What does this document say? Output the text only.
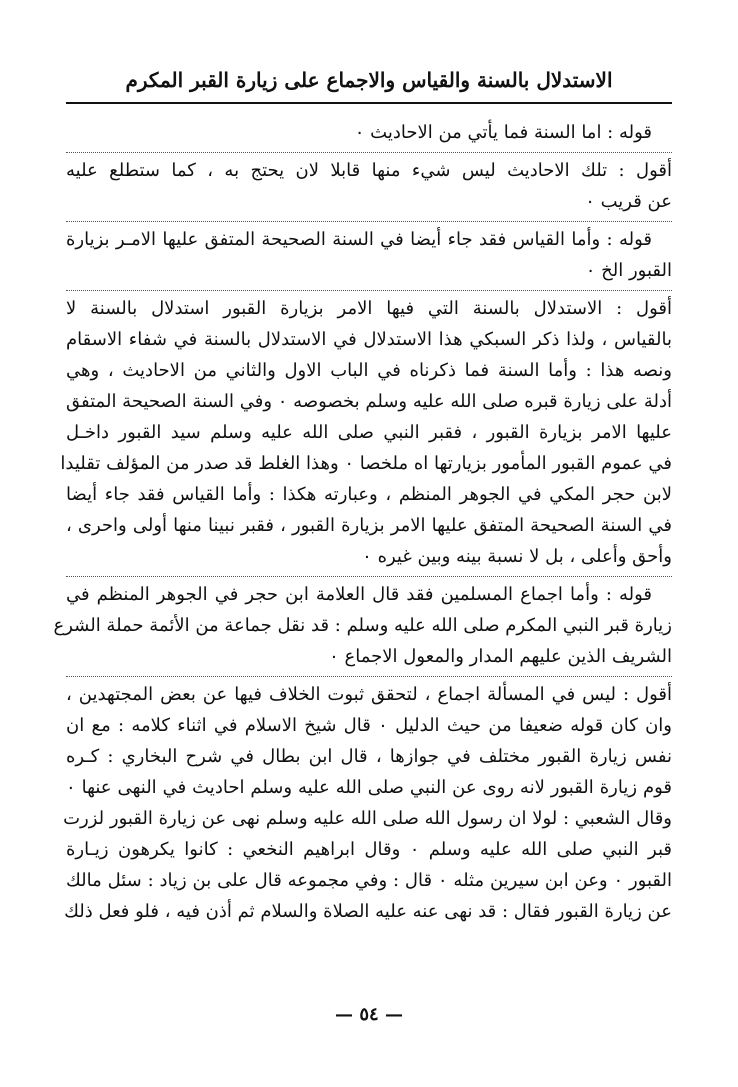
الاستدلال بالسنة والقياس والاجماع على زيارة القبر المكرم
قوله : اما السنة فما يأتي من الاحاديث ٠
أقول : تلك الاحاديث ليس شيء منها قابلا لان يحتج به ، كما ستطلع عليه
عن قريب ٠
قوله : وأما القياس فقد جاء أيضا في السنة الصحيحة المتفق عليها الامـر بزيارة
القبور الخ ٠
أقول : الاستدلال بالسنة التي فيها الامر بزيارة القبور استدلال بالسنة لا
بالقياس ، ولذا ذكر السبكي هذا الاستدلال في الاستدلال بالسنة في شفاء الاسقام
ونصه هذا : وأما السنة فما ذكرناه في الباب الاول والثاني من الاحاديث ، وهي
أدلة على زيارة قبره صلى الله عليه وسلم بخصوصه ٠ وفي السنة الصحيحة المتفق
عليها الامر بزيارة القبور ، فقبر النبي صلى الله عليه وسلم سيد القبور داخـل
في عموم القبور المأمور بزيارتها اه ملخصا ٠ وهذا الغلط قد صدر من المؤلف تقليدا
لابن حجر المكي في الجوهر المنظم ، وعبارته هكذا : وأما القياس فقد جاء أيضا
في السنة الصحيحة المتفق عليها الامر بزيارة القبور ، فقبر نبينا منها أولى واحرى ،
وأحق وأعلى ، بل لا نسبة بينه وبين غيره ٠
قوله : وأما اجماع المسلمين فقد قال العلامة ابن حجر في الجوهر المنظم في
زيارة قبر النبي المكرم صلى الله عليه وسلم : قد نقل جماعة من الأئمة حملة الشرع
الشريف الذين عليهم المدار والمعول الاجماع ٠
أقول : ليس في المسألة اجماع ، لتحقق ثبوت الخلاف فيها عن بعض المجتهدين ،
وان كان قوله ضعيفا من حيث الدليل ٠ قال شيخ الاسلام في اثناء كلامه : مع ان
نفس زيارة القبور مختلف في جوازها ، قال ابن بطال في شرح البخاري : كـره
قوم زيارة القبور لانه روى عن النبي صلى الله عليه وسلم احاديث في النهى عنها ٠
وقال الشعبي : لولا ان رسول الله صلى الله عليه وسلم نهى عن زيارة القبور لزرت
قبر النبي صلى الله عليه وسلم ٠ وقال ابراهيم النخعي : كانوا يكرهون زيـارة
القبور ٠ وعن ابن سيرين مثله ٠ قال : وفي مجموعه قال على بن زياد : سئل مالك
عن زيارة القبور فقال : قد نهى عنه عليه الصلاة والسلام ثم أذن فيه ، فلو فعل ذلك
— ٥٤ —
